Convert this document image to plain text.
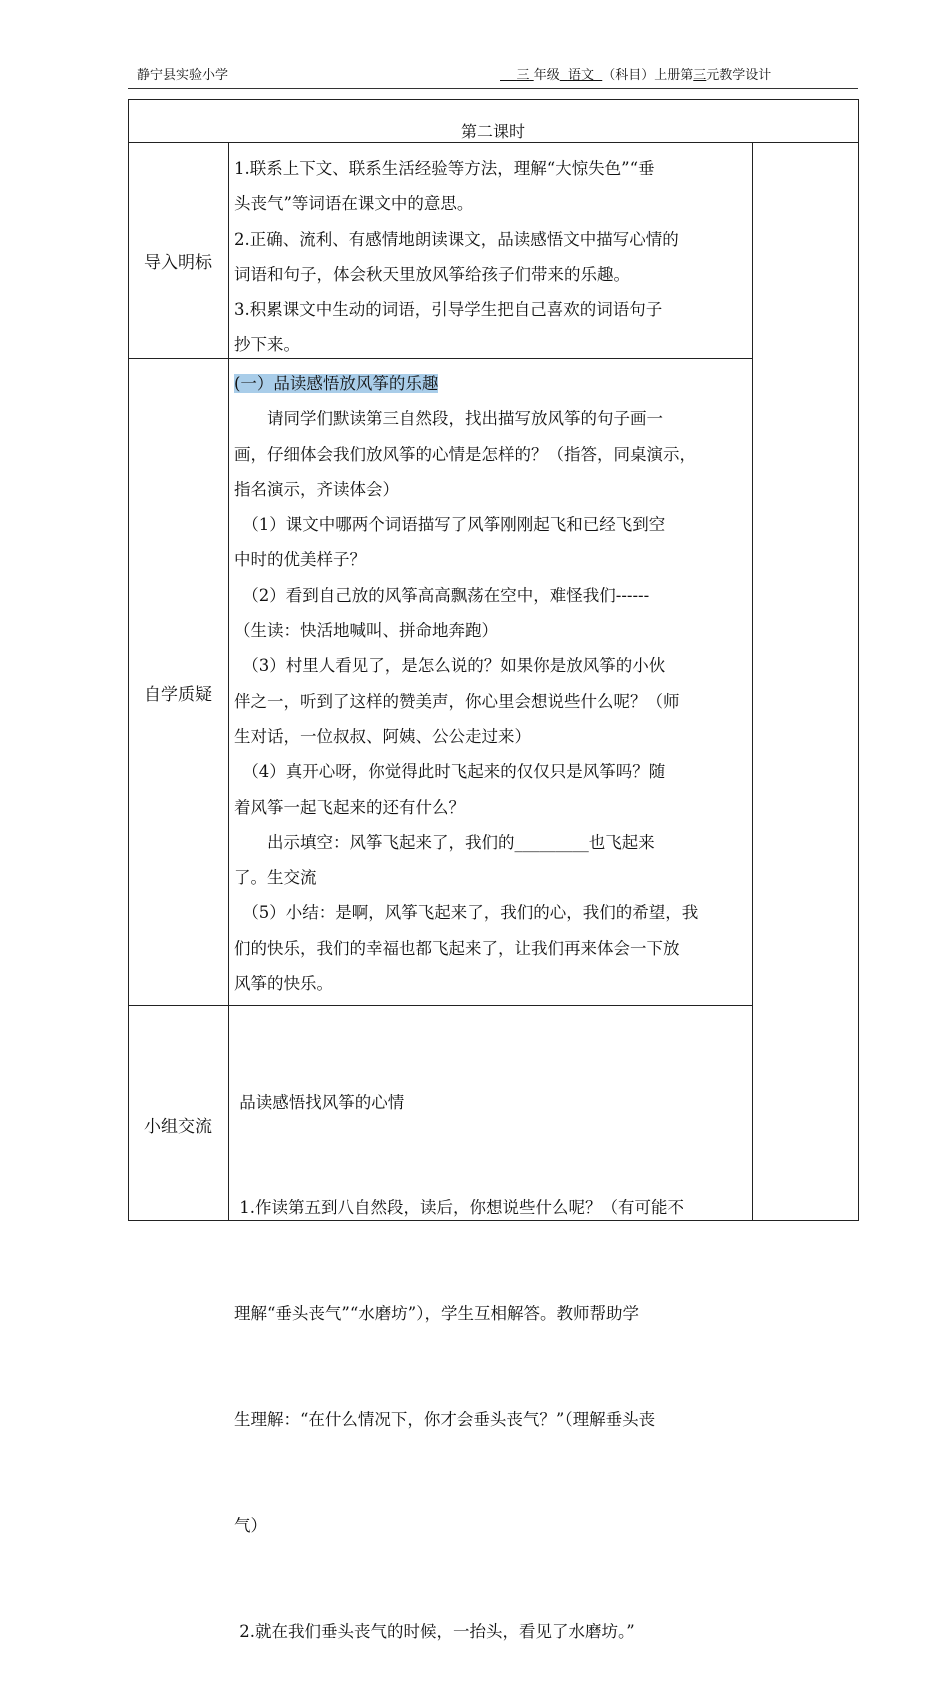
静宁县实验小学	三 年级 语文 （科目）上册第三元教学设计
第二课时
导入明标

1.联系上下文、联系生活经验等方法，理解“大惊失色”“垂

头丧气”等词语在课文中的意思。

2.正确、流利、有感情地朗读课文，品读感悟文中描写心情的

词语和句子，体会秋天里放风筝给孩子们带来的乐趣。

3.积累课文中生动的词语，引导学生把自己喜欢的词语句子

抄下来。

自学质疑

(一）品读感悟放风筝的乐趣

　　请同学们默读第三自然段，找出描写放风筝的句子画一

画，仔细体会我们放风筝的心情是怎样的？（指答，同桌演示，

指名演示，齐读体会）

　（1）课文中哪两个词语描写了风筝刚刚起飞和已经飞到空

中时的优美样子？

　（2）看到自己放的风筝高高飘荡在空中，难怪我们------

（生读：快活地喊叫、拼命地奔跑）

　（3）村里人看见了，是怎么说的？如果你是放风筝的小伙

伴之一，听到了这样的赞美声，你心里会想说些什么呢？（师

生对话，一位叔叔、阿姨、公公走过来）

　（4）真开心呀，你觉得此时飞起来的仅仅只是风筝吗？随

着风筝一起飞起来的还有什么？

　　出示填空：风筝飞起来了，我们的_________也飞起来

了。生交流

　（5）小结：是啊，风筝飞起来了，我们的心，我们的希望，我

们的快乐，我们的幸福也都飞起来了，让我们再来体会一下放

风筝的快乐。

小组交流

品读感悟找风筝的心情

1.作读第五到八自然段，读后，你想说些什么呢？（有可能不

理解“垂头丧气”“水磨坊”），学生互相解答。教师帮助学

生理解：“在什么情况下，你才会垂头丧气？”（理解垂头丧

气）

2.就在我们垂头丧气的时候，一抬头，看见了水磨坊。”
